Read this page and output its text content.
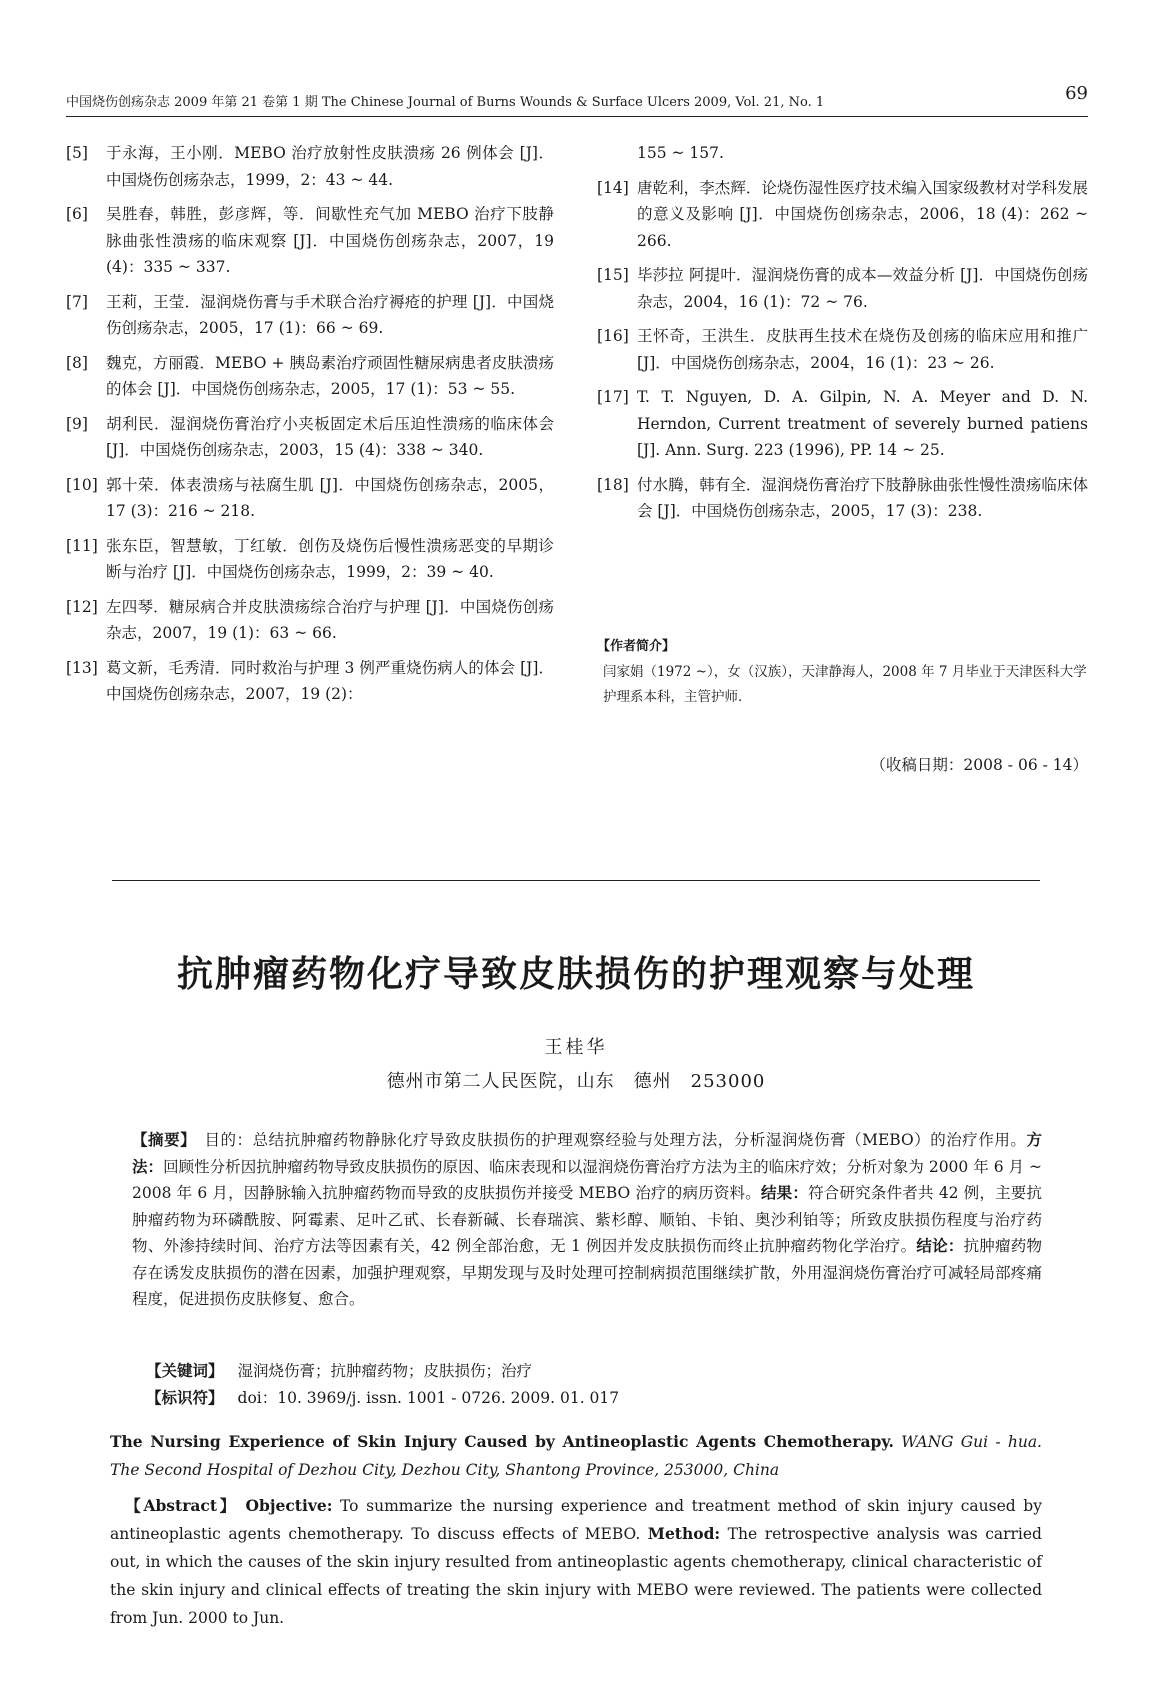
中国烧伤创疡杂志 2009 年第 21 卷第 1 期 The Chinese Journal of Burns Wounds & Surface Ulcers 2009, Vol. 21, No. 1	69
[5]	于永海，王小刚．MEBO 治疗放射性皮肤溃疡 26 例体会 [J]．中国烧伤创疡杂志，1999，2：43 ~ 44.
[6]	吴胜春，韩胜，彭彦辉，等．间歇性充气加 MEBO 治疗下肢静脉曲张性溃疡的临床观察 [J]．中国烧伤创疡杂志，2007，19 (4)：335 ~ 337.
[7]	王莉，王莹．湿润烧伤膏与手术联合治疗褥疮的护理 [J]．中国烧伤创疡杂志，2005，17 (1)：66 ~ 69.
[8]	魏克，方丽霞．MEBO + 胰岛素治疗顽固性糖尿病患者皮肤溃疡的体会 [J]．中国烧伤创疡杂志，2005，17 (1)：53 ~ 55.
[9]	胡利民．湿润烧伤膏治疗小夹板固定术后压迫性溃疡的临床体会 [J]．中国烧伤创疡杂志，2003，15 (4)：338 ~ 340.
[10] 郭十荣．体表溃疡与祛腐生肌 [J]．中国烧伤创疡杂志，2005，17 (3)：216 ~ 218.
[11] 张东臣，智慧敏，丁红敏．创伤及烧伤后慢性溃疡恶变的早期诊断与治疗 [J]．中国烧伤创疡杂志，1999，2：39 ~ 40.
[12] 左四琴．糖尿病合并皮肤溃疡综合治疗与护理 [J]．中国烧伤创疡杂志，2007，19 (1)：63 ~ 66.
[13] 葛文新，毛秀清．同时救治与护理 3 例严重烧伤病人的体会 [J]．中国烧伤创疡杂志，2007，19 (2)：
155 ~ 157.
[14] 唐乾利，李杰辉．论烧伤湿性医疗技术编入国家级教材对学科发展的意义及影响 [J]．中国烧伤创疡杂志，2006，18 (4)：262 ~ 266.
[15] 毕莎拉 阿提叶．湿润烧伤膏的成本—效益分析 [J]．中国烧伤创疡杂志，2004，16 (1)：72 ~ 76.
[16] 王怀奇，王洪生．皮肤再生技术在烧伤及创疡的临床应用和推广 [J]．中国烧伤创疡杂志，2004，16 (1)：23 ~ 26.
[17] T. T. Nguyen, D. A. Gilpin, N. A. Meyer and D. N. Herndon, Current treatment of severely burned patiens [J]. Ann. Surg. 223 (1996), PP. 14 ~ 25.
[18] 付水腾，韩有全．湿润烧伤膏治疗下肢静脉曲张性慢性溃疡临床体会 [J]．中国烧伤创疡杂志，2005，17 (3)：238.
【作者简介】
闫家娟（1972 ~），女（汉族），天津静海人，2008 年 7 月毕业于天津医科大学护理系本科，主管护师．
（收稿日期：2008 - 06 - 14）
抗肿瘤药物化疗导致皮肤损伤的护理观察与处理
王桂华
德州市第二人民医院，山东　德州　253000
【摘要】　 目的：总结抗肿瘤药物静脉化疗导致皮肤损伤的护理观察经验与处理方法，分析湿润烧伤膏（MEBO）的治疗作用。方法：回顾性分析因抗肿瘤药物导致皮肤损伤的原因、临床表现和以湿润烧伤膏治疗方法为主的临床疗效；分析对象为 2000 年 6 月 ~ 2008 年 6 月，因静脉输入抗肿瘤药物而导致的皮肤损伤并接受 MEBO 治疗的病历资料。结果：符合研究条件者共 42 例，主要抗肿瘤药物为环磷酰胺、阿霉素、足叶乙甙、长春新碱、长春瑞滨、紫杉醇、顺铂、卡铂、奥沙利铂等；所致皮肤损伤程度与治疗药物、外渗持续时间、治疗方法等因素有关，42 例全部治愈，无 1 例因并发皮肤损伤而终止抗肿瘤药物化学治疗。结论：抗肿瘤药物存在诱发皮肤损伤的潜在因素，加强护理观察，早期发现与及时处理可控制病损范围继续扩散，外用湿润烧伤膏治疗可减轻局部疼痛程度，促进损伤皮肤修复、愈合。
【关键词】 湿润烧伤膏；抗肿瘤药物；皮肤损伤；治疗
【标识符】 doi：10. 3969/j. issn. 1001 - 0726. 2009. 01. 017
The Nursing Experience of Skin Injury Caused by Antineoplastic Agents Chemotherapy. WANG Gui - hua. The Second Hospital of Dezhou City, Dezhou City, Shantong Province, 253000, China
【Abstract】 Objective: To summarize the nursing experience and treatment method of skin injury caused by antineoplastic agents chemotherapy. To discuss effects of MEBO. Method: The retrospective analysis was carried out, in which the causes of the skin injury resulted from antineoplastic agents chemotherapy, clinical characteristic of the skin injury and clinical effects of treating the skin injury with MEBO were reviewed. The patients were collected from Jun. 2000 to Jun.
